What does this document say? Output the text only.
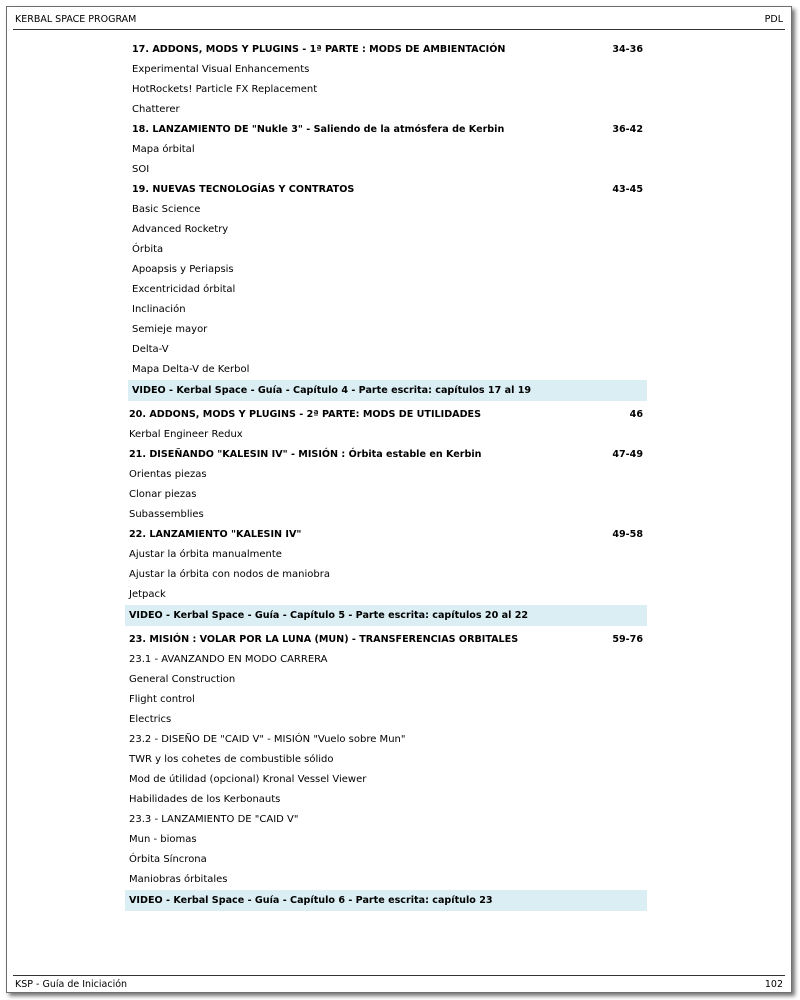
KERBAL SPACE PROGRAM	PDL
17. ADDONS, MODS Y PLUGINS - 1ª PARTE : MODS DE AMBIENTACIÓN	34-36
Experimental Visual Enhancements
HotRockets! Particle FX Replacement
Chatterer
18. LANZAMIENTO DE "Nukle 3" - Saliendo de la atmósfera de Kerbin	36-42
Mapa órbital
SOI
19. NUEVAS TECNOLOGÍAS Y CONTRATOS	43-45
Basic Science
Advanced Rocketry
Órbita
Apoapsis y Periapsis
Excentricidad órbital
Inclinación
Semieje mayor
Delta-V
Mapa Delta-V de Kerbol
VIDEO - Kerbal Space - Guía - Capítulo 4 - Parte escrita: capítulos 17 al 19
20. ADDONS, MODS Y PLUGINS - 2ª PARTE: MODS DE UTILIDADES	46
Kerbal Engineer Redux
21. DISEÑANDO "KALESIN IV" - MISIÓN : Órbita estable en Kerbin	47-49
Orientas piezas
Clonar piezas
Subassemblies
22. LANZAMIENTO "KALESIN IV"	49-58
Ajustar la órbita manualmente
Ajustar la órbita con nodos de maniobra
Jetpack
VIDEO - Kerbal Space - Guía - Capítulo 5 - Parte escrita: capítulos 20 al 22
23. MISIÓN : VOLAR POR LA LUNA (MUN) - TRANSFERENCIAS ORBITALES	59-76
23.1 - AVANZANDO EN MODO CARRERA
General Construction
Flight control
Electrics
23.2 - DISEÑO DE "CAID V" - MISIÓN "Vuelo sobre Mun"
TWR y los cohetes de combustible sólido
Mod de útilidad (opcional) Kronal Vessel Viewer
Habilidades de los Kerbonauts
23.3 - LANZAMIENTO DE "CAID V"
Mun - biomas
Órbita Síncrona
Maniobras órbitales
VIDEO - Kerbal Space - Guía - Capítulo 6 - Parte escrita: capítulo 23
KSP - Guía de Iniciación	102
